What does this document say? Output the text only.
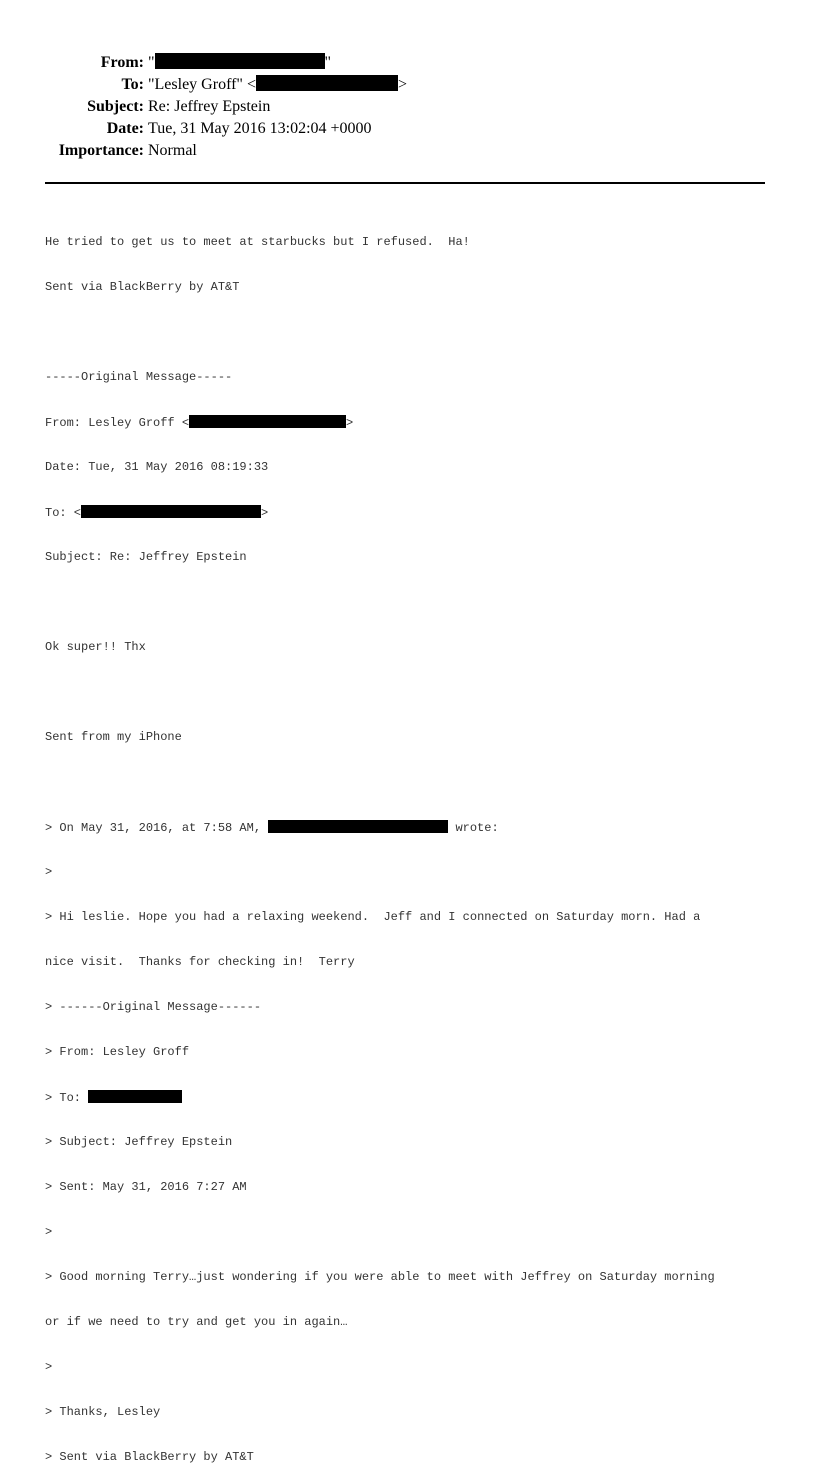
From: "	"
To: "Lesley Groff" <	>
Subject: Re: Jeffrey Epstein
Date: Tue, 31 May 2016 13:02:04 +0000
Importance: Normal

He tried to get us to meet at starbucks but I refused.  Ha!

Sent via BlackBerry by AT&T

-----Original Message-----

From: Lesley Groff <	>

Date: Tue, 31 May 2016 08:19:33

To: <	>

Subject: Re: Jeffrey Epstein

Ok super!! Thx

Sent from my iPhone

> On May 31, 2016, at 7:58 AM,	wrote:

>

> Hi leslie. Hope you had a relaxing weekend.  Jeff and I connected on Saturday morn. Had a

nice visit.  Thanks for checking in!  Terry

> ------Original Message------

> From: Lesley Groff

> To:

> Subject: Jeffrey Epstein

> Sent: May 31, 2016 7:27 AM

>

> Good morning Terry…just wondering if you were able to meet with Jeffrey on Saturday morning

or if we need to try and get you in again…

>

> Thanks, Lesley

> Sent via BlackBerry by AT&T
